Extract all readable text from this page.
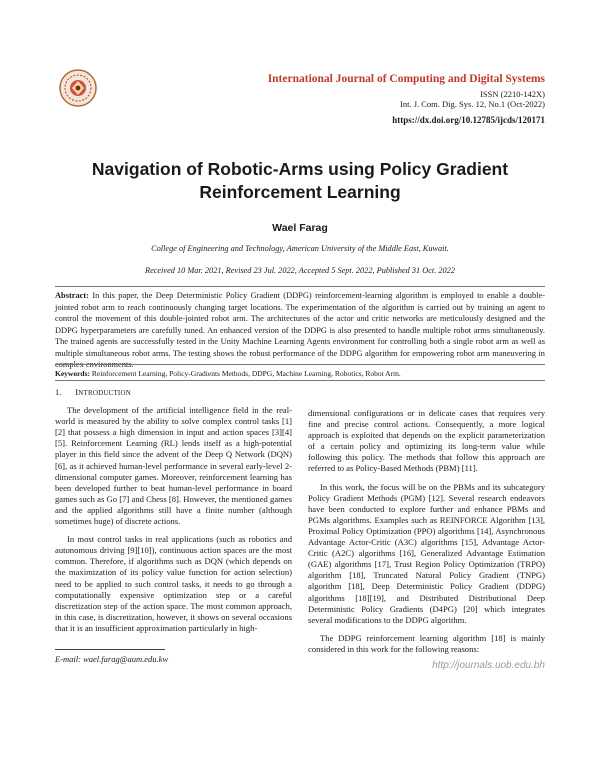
International Journal of Computing and Digital Systems
ISSN (2210-142X)
Int. J. Com. Dig. Sys. 12, No.1 (Oct-2022)
https://dx.doi.org/10.12785/ijcds/120171
Navigation of Robotic-Arms using Policy Gradient
Reinforcement Learning
Wael Farag
College of Engineering and Technology, American University of the Middle East, Kuwait.
Received 10 Mar. 2021, Revised 23 Jul. 2022, Accepted 5 Sept. 2022, Published 31 Oct. 2022
Abstract: In this paper, the Deep Deterministic Policy Gradient (DDPG) reinforcement-learning algorithm is employed to enable a double-jointed robot arm to reach continuously changing target locations. The experimentation of the algorithm is carried out by training an agent to control the movement of this double-jointed robot arm. The architectures of the actor and critic networks are meticulously designed and the DDPG hyperparameters are carefully tuned. An enhanced version of the DDPG is also presented to handle multiple robot arms simultaneously. The trained agents are successfully tested in the Unity Machine Learning Agents environment for controlling both a single robot arm as well as multiple simultaneous robot arms. The testing shows the robust performance of the DDPG algorithm for empowering robot arm maneuvering in complex environments.
Keywords: Reinforcement Learning, Policy-Gradients Methods, DDPG, Machine Learning, Robotics, Robot Arm.
1. INTRODUCTION

The development of the artificial intelligence field in the real-world is measured by the ability to solve complex control tasks [1][2] that possess a high dimension in input and action spaces [3][4][5]. Reinforcement Learning (RL) lends itself as a high-potential player in this field since the advent of the Deep Q Network (DQN) [6], as it achieved human-level performance in several early-level 2-dimensional computer games. Moreover, reinforcement learning has been developed further to beat human-level performance in board games such as Go [7] and Chess [8]. However, the mentioned games and the applied algorithms still have a finite number (although sometimes huge) of discrete actions.

In most control tasks in real applications (such as robotics and autonomous driving [9][10]), continuous action spaces are the most common. Therefore, if algorithms such as DQN (which depends on the maximization of its policy value function for action selection) need to be applied to such control tasks, it needs to go through a computationally expensive optimization step or a careful discretization step of the action space. The most common approach, in this case, is discretization, however, it shows on several occasions that it is an insufficient approximation particularly in high-

dimensional configurations or in delicate cases that requires very fine and precise control actions. Consequently, a more logical approach is exploited that depends on the explicit parameterization of a certain policy and optimizing its long-term value while following this policy. The methods that follow this approach are referred to as Policy-Based Methods (PBM) [11].

In this work, the focus will be on the PBMs and its subcategory Policy Gradient Methods (PGM) [12]. Several research endeavors have been conducted to explore further and enhance PBMs and PGMs algorithms. Examples such as REINFORCE Algorithm [13], Proximal Policy Optimization (PPO) algorithms [14], Asynchronous Advantage Actor-Critic (A3C) algorithms [15], Advantage Actor-Critic (A2C) algorithms [16], Generalized Advantage Estimation (GAE) algorithms [17], Trust Region Policy Optimization (TRPO) algorithm [18], Truncated Natural Policy Gradient (TNPG) algorithm [18], Deep Deterministic Policy Gradient (DDPG) algorithms [18][19], and Distributed Distributional Deep Deterministic Policy Gradients (D4PG) [20] which integrates several modifications to the DDPG algorithm.

The DDPG reinforcement learning algorithm [18] is mainly considered in this work for the following reasons:

E-mail: wael.farag@aum.edu.kw
http://journals.uob.edu.bh
